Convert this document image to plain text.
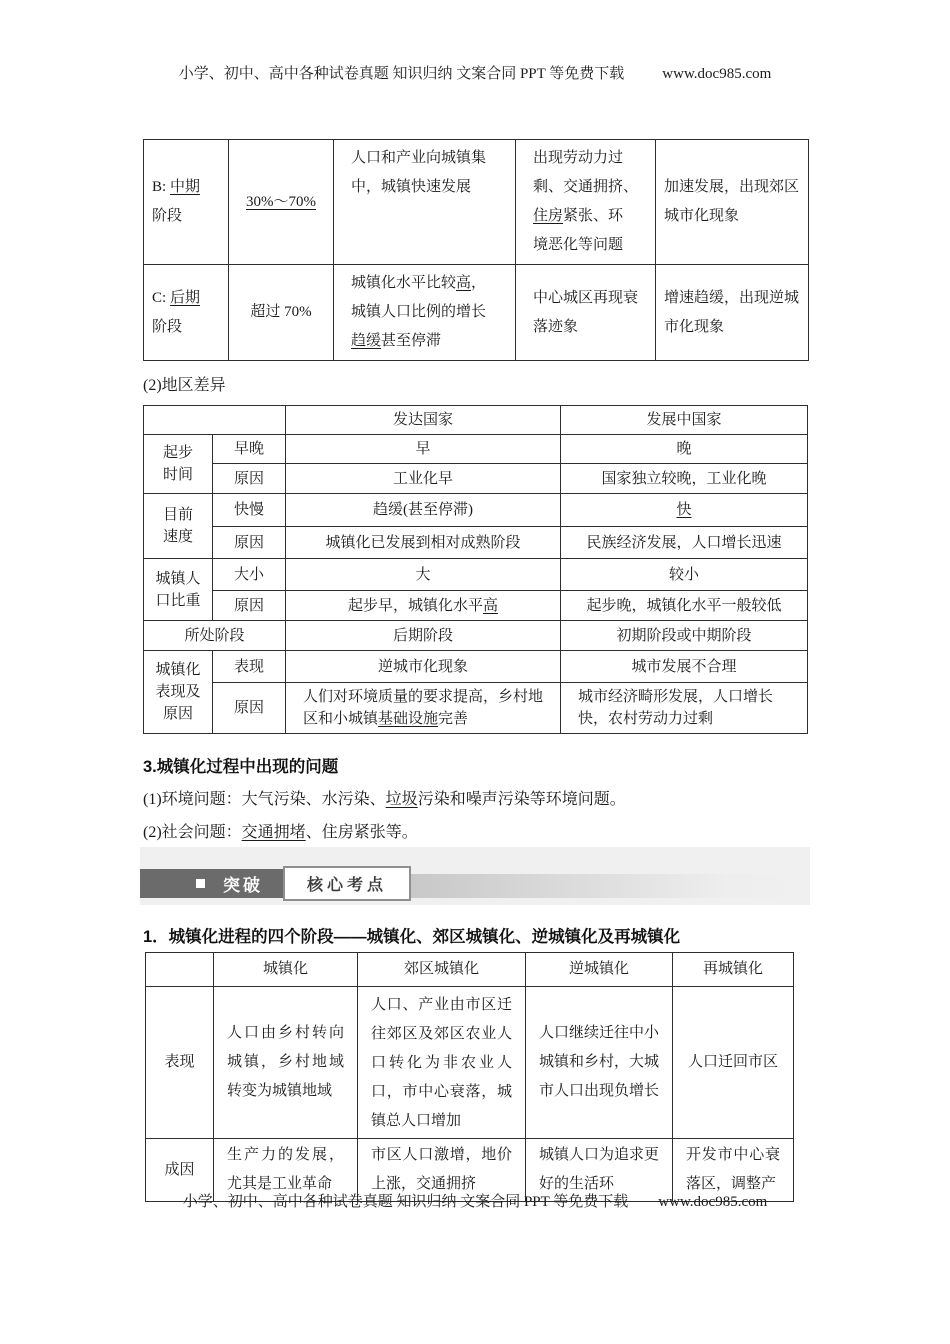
小学、初中、高中各种试卷真题 知识归纳 文案合同 PPT 等免费下载	www.doc985.com
B: 中期
阶段	30%～70%	人口和产业向城镇集中，城镇快速发展	出现劳动力过剩、交通拥挤、住房紧张、环境恶化等问题	加速发展，出现郊区城市化现象

C: 后期
阶段	超过 70%	城镇化水平比较高，城镇人口比例的增长趋缓甚至停滞	中心城区再现衰落迹象	增速趋缓，出现逆城市化现象
(2)地区差异
		发达国家	发展中国家

起步
时间	早晚	早	晚

	原因	工业化早	国家独立较晚，工业化晚

目前
速度	快慢	趋缓(甚至停滞)	快

	原因	城镇化已发展到相对成熟阶段	民族经济发展，人口增长迅速

城镇人
口比重	大小	大	较小

	原因	起步早，城镇化水平高	起步晚，城镇化水平一般较低

所处阶段		后期阶段	初期阶段或中期阶段

城镇化
表现及
原因	表现	逆城市化现象	城市发展不合理

	原因	人们对环境质量的要求提高，乡村地区和小城镇基础设施完善	城市经济畸形发展，人口增长快，农村劳动力过剩
3.城镇化过程中出现的问题
(1)环境问题：大气污染、水污染、垃圾污染和噪声污染等环境问题。
(2)社会问题：交通拥堵、住房紧张等。
突破	核心考点
1．城镇化进程的四个阶段——城镇化、郊区城镇化、逆城镇化及再城镇化
	城镇化	郊区城镇化	逆城镇化	再城镇化
表现	人口由乡村转向城镇，乡村地域转变为城镇地域	人口、产业由市区迁往郊区及郊区农业人口转化为非农业人口，市中心衰落，城镇总人口增加	人口继续迁往中小城镇和乡村，大城市人口出现负增长	人口迁回市区
成因	生产力的发展，尤其是工业革命	市区人口激增，地价上涨，交通拥挤	城镇人口为追求更好的生活环	开发市中心衰落区，调整产
小学、初中、高中各种试卷真题 知识归纳 文案合同 PPT 等免费下载 www.doc985.com
